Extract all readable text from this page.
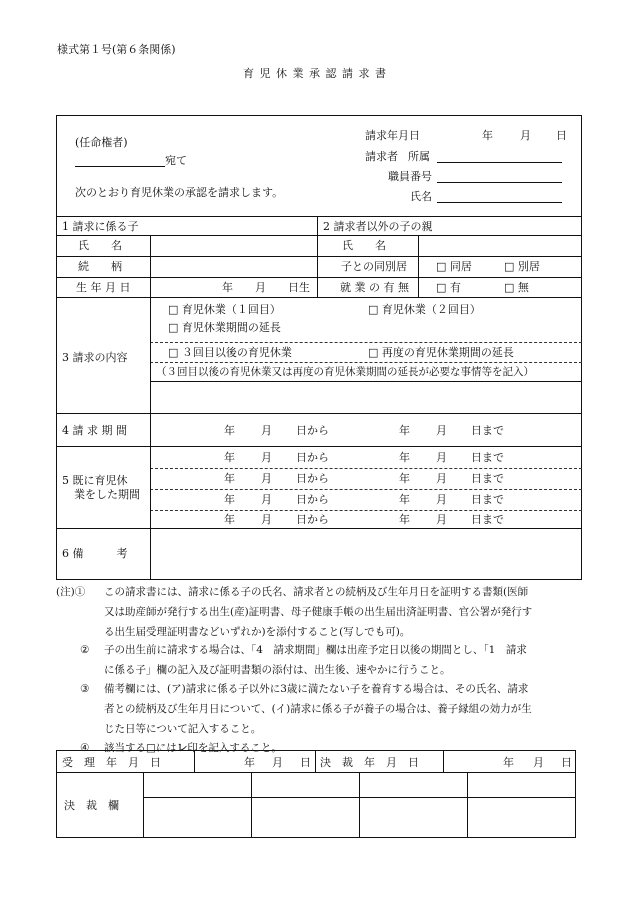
様式第１号(第６条関係)
育 児 休 業 承 認 請 求 書
(任命権者)
宛て
次のとおり育児休業の承認を請求します。
請求年月日	年 月 日
請求者 所属
職員番号
氏名
1 請求に係る子
氏　　名
続　　柄
生 年 月 日	年 月 日生
2 請求者以外の子の親
氏　　名
子との同別居	□ 同居	□ 別居
就 業 の 有 無 □ 有	□ 無
3 請求の内容
□ 育児休業（１回目）	□ 育児休業（２回目）
□ 育児休業期間の延長
□ ３回目以後の育児休業	□ 再度の育児休業期間の延長
（３回目以後の育児休業又は再度の育児休業期間の延長が必要な事情等を記入）
4 請 求 期 間	年 月 日から	年 月 日まで
5 既に育児休
業をした期間
年 月 日から	年 月 日まで
年 月 日から	年 月 日まで
年 月 日から	年 月 日まで
年 月 日から	年 月 日まで
6 備　　　考
(注)① この請求書には、請求に係る子の氏名、請求者との続柄及び生年月日を証明する書類(医師
又は助産師が発行する出生(産)証明書、母子健康手帳の出生届出済証明書、官公署が発行す
る出生届受理証明書などいずれか)を添付すること(写しでも可)。
② 子の出生前に請求する場合は、「4　請求期間」欄は出産予定日以後の期間とし、「1　請求
に係る子」欄の記入及び証明書類の添付は、出生後、速やかに行うこと。
③ 備考欄には、(ア)請求に係る子以外に3歳に満たない子を養育する場合は、その氏名、請求
者との続柄及び生年月日について、(イ)請求に係る子が養子の場合は、養子縁組の効力が生
じた日等について記入すること。
④ 該当する□にはレ印を記入すること。
受　理　年　月　日	年 月 日 決　裁　年　月　日	年 月 日
決　裁　欄
